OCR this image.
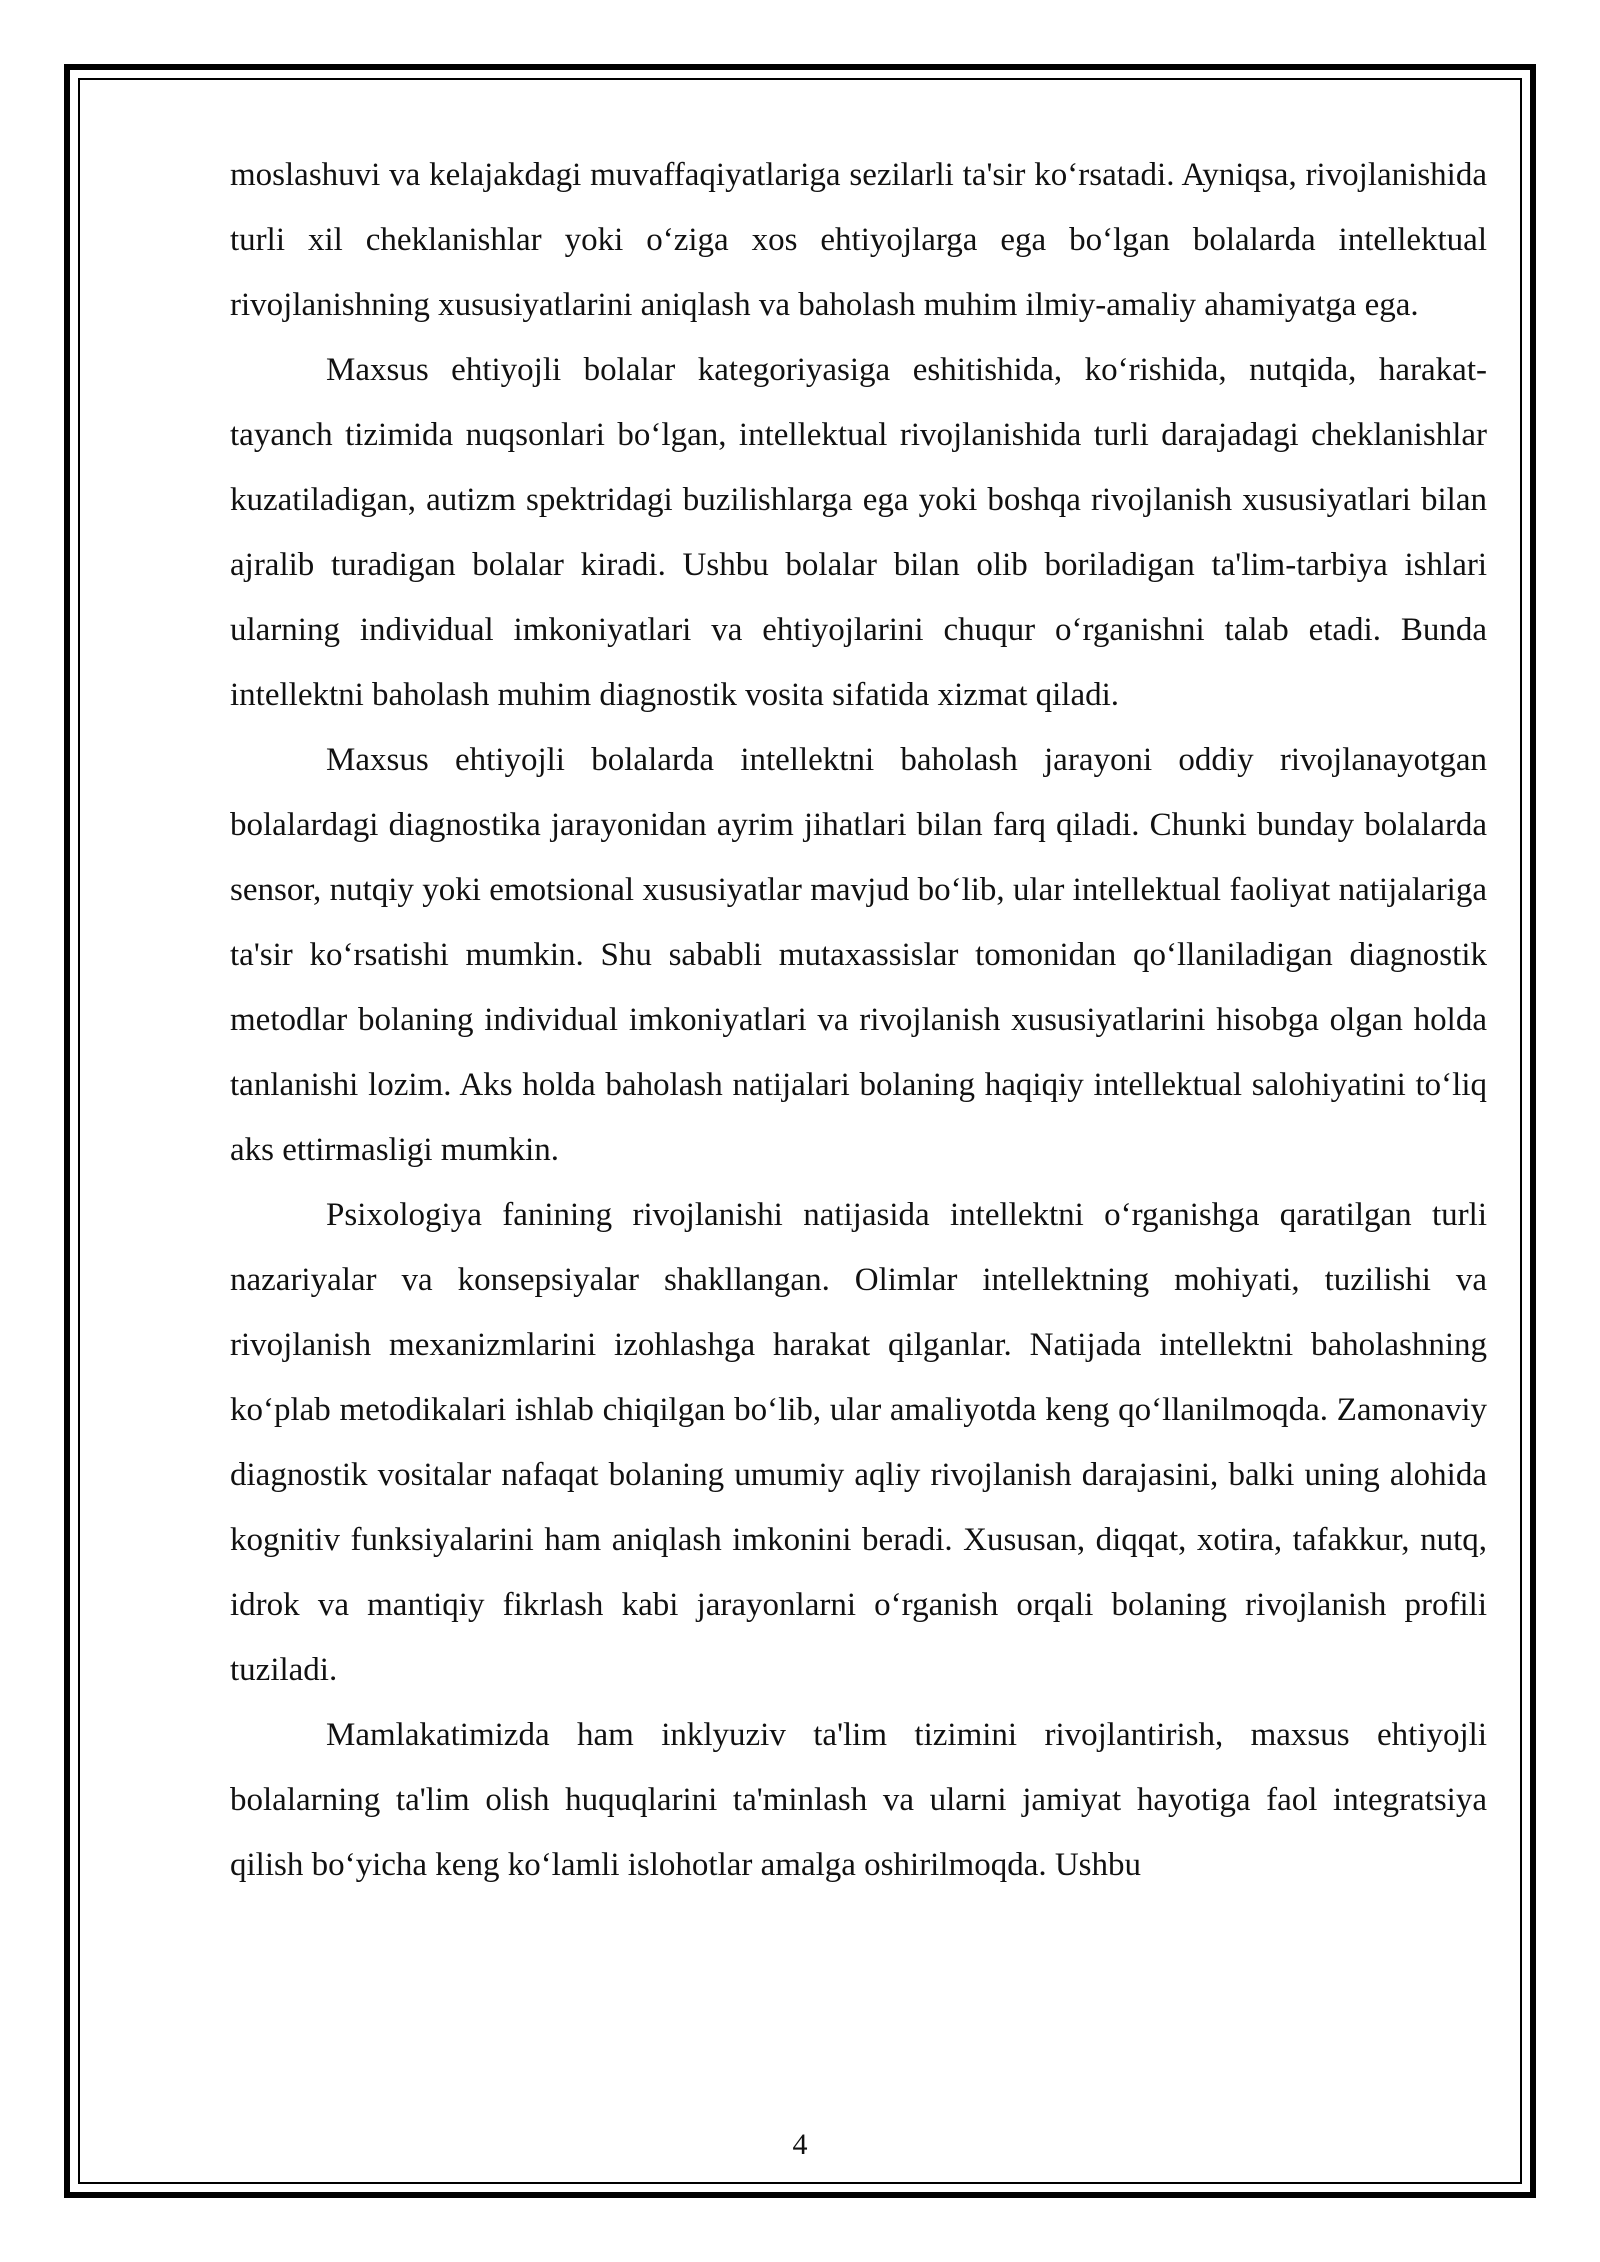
moslashuvi va kelajakdagi muvaffaqiyatlariga sezilarli ta'sir koʻrsatadi. Ayniqsa, rivojlanishida turli xil cheklanishlar yoki oʻziga xos ehtiyojlarga ega boʻlgan bolalarda intellektual rivojlanishning xususiyatlarini aniqlash va baholash muhim ilmiy-amaliy ahamiyatga ega.

Maxsus ehtiyojli bolalar kategoriyasiga eshitishida, koʻrishida, nutqida, harakat-tayanch tizimida nuqsonlari boʻlgan, intellektual rivojlanishida turli darajadagi cheklanishlar kuzatiladigan, autizm spektridagi buzilishlarga ega yoki boshqa rivojlanish xususiyatlari bilan ajralib turadigan bolalar kiradi. Ushbu bolalar bilan olib boriladigan ta'lim-tarbiya ishlari ularning individual imkoniyatlari va ehtiyojlarini chuqur oʻrganishni talab etadi. Bunda intellektni baholash muhim diagnostik vosita sifatida xizmat qiladi.

Maxsus ehtiyojli bolalarda intellektni baholash jarayoni oddiy rivojlanayotgan bolalardagi diagnostika jarayonidan ayrim jihatlari bilan farq qiladi. Chunki bunday bolalarda sensor, nutqiy yoki emotsional xususiyatlar mavjud boʻlib, ular intellektual faoliyat natijalariga ta'sir koʻrsatishi mumkin. Shu sababli mutaxassislar tomonidan qoʻllaniladigan diagnostik metodlar bolaning individual imkoniyatlari va rivojlanish xususiyatlarini hisobga olgan holda tanlanishi lozim. Aks holda baholash natijalari bolaning haqiqiy intellektual salohiyatini toʻliq aks ettirmasligi mumkin.

Psixologiya fanining rivojlanishi natijasida intellektni oʻrganishga qaratilgan turli nazariyalar va konsepsiyalar shakllangan. Olimlar intellektning mohiyati, tuzilishi va rivojlanish mexanizmlarini izohlashga harakat qilganlar. Natijada intellektni baholashning koʻplab metodikalari ishlab chiqilgan boʻlib, ular amaliyotda keng qoʻllanilmoqda. Zamonaviy diagnostik vositalar nafaqat bolaning umumiy aqliy rivojlanish darajasini, balki uning alohida kognitiv funksiyalarini ham aniqlash imkonini beradi. Xususan, diqqat, xotira, tafakkur, nutq, idrok va mantiqiy fikrlash kabi jarayonlarni oʻrganish orqali bolaning rivojlanish profili tuziladi.

Mamlakatimizda ham inklyuziv ta'lim tizimini rivojlantirish, maxsus ehtiyojli bolalarning ta'lim olish huquqlarini ta'minlash va ularni jamiyat hayotiga faol integratsiya qilish boʻyicha keng koʻlamli islohotlar amalga oshirilmoqda. Ushbu

4
